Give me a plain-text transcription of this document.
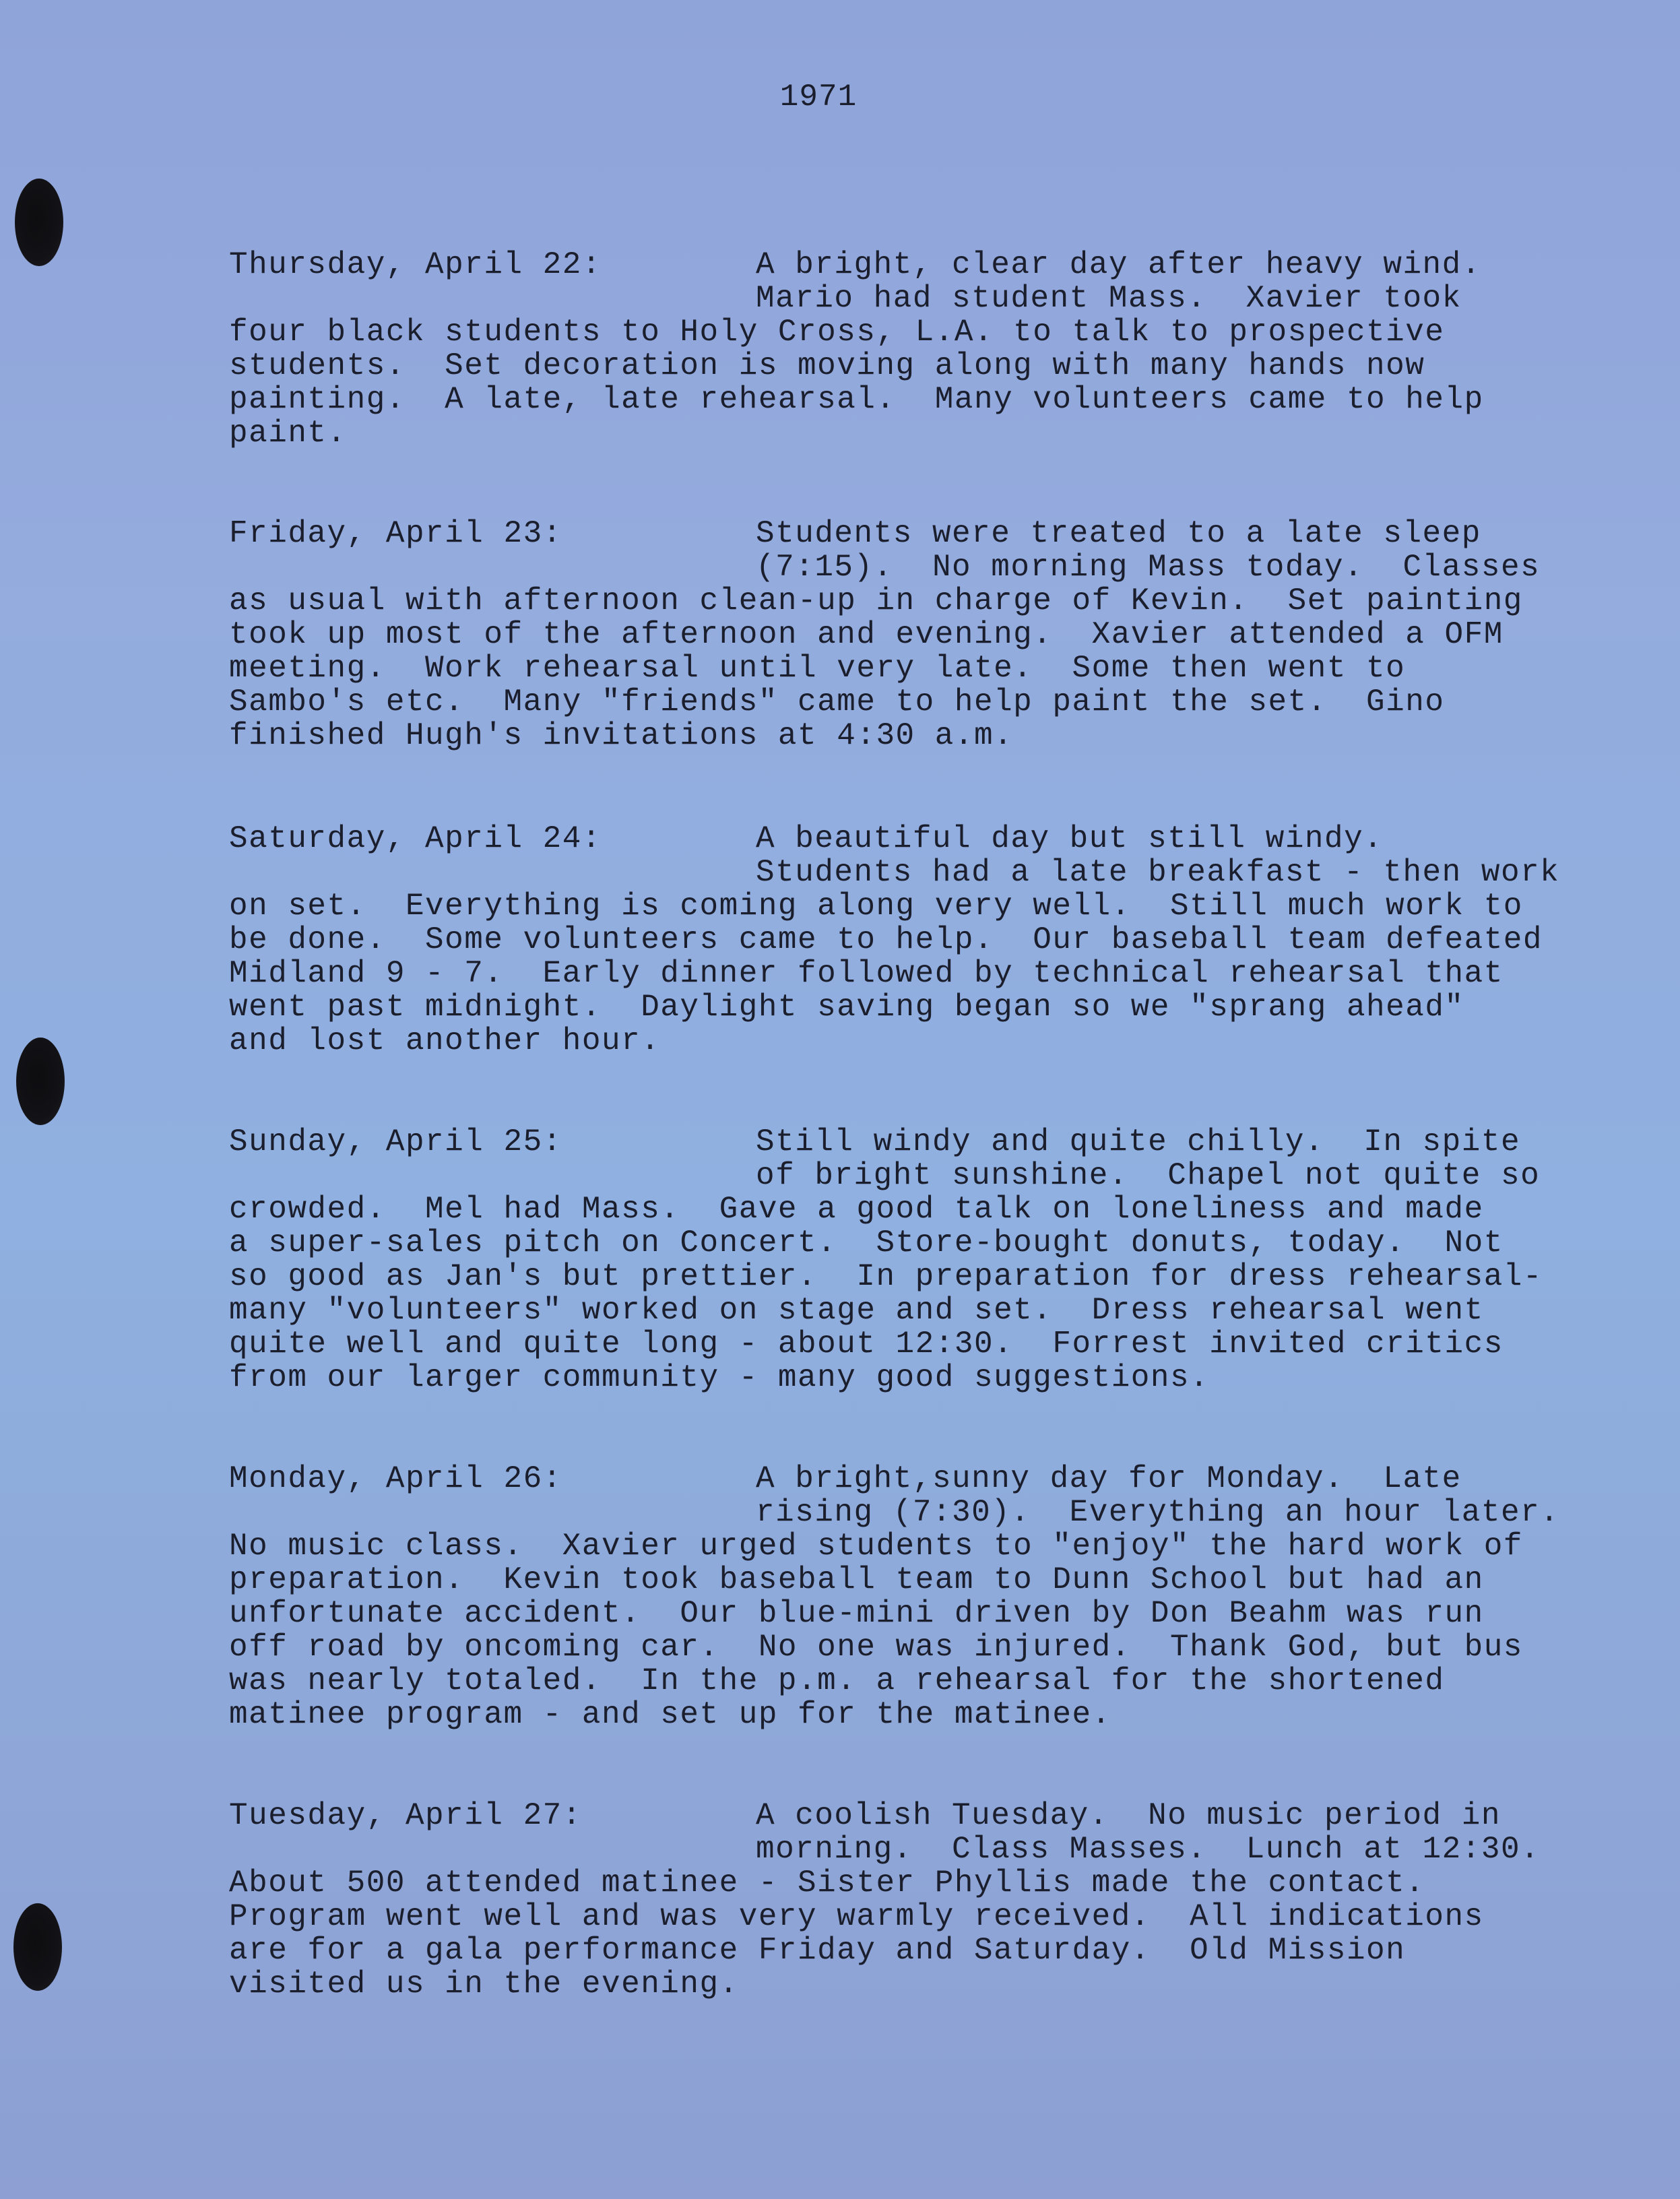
1971
Thursday, April 22:	A bright, clear day after heavy wind.
Mario had student Mass.  Xavier took
four black students to Holy Cross, L.A. to talk to prospective
students.  Set decoration is moving along with many hands now
painting.  A late, late rehearsal.  Many volunteers came to help
paint.
Friday, April 23:	Students were treated to a late sleep
(7:15).  No morning Mass today.  Classes
as usual with afternoon clean-up in charge of Kevin.  Set painting
took up most of the afternoon and evening.  Xavier attended a OFM
meeting.  Work rehearsal until very late.  Some then went to
Sambo's etc.  Many "friends" came to help paint the set.  Gino
finished Hugh's invitations at 4:30 a.m.
Saturday, April 24:	A beautiful day but still windy.
Students had a late breakfast - then work
on set.  Everything is coming along very well.  Still much work to
be done.  Some volunteers came to help.  Our baseball team defeated
Midland 9 - 7.  Early dinner followed by technical rehearsal that
went past midnight.  Daylight saving began so we "sprang ahead"
and lost another hour.
Sunday, April 25:	Still windy and quite chilly.  In spite
of bright sunshine.  Chapel not quite so
crowded.  Mel had Mass.  Gave a good talk on loneliness and made
a super-sales pitch on Concert.  Store-bought donuts, today.  Not
so good as Jan's but prettier.  In preparation for dress rehearsal-
many "volunteers" worked on stage and set.  Dress rehearsal went
quite well and quite long - about 12:30.  Forrest invited critics
from our larger community - many good suggestions.
Monday, April 26:	A bright,sunny day for Monday.  Late
rising (7:30).  Everything an hour later.
No music class.  Xavier urged students to "enjoy" the hard work of
preparation.  Kevin took baseball team to Dunn School but had an
unfortunate accident.  Our blue-mini driven by Don Beahm was run
off road by oncoming car.  No one was injured.  Thank God, but bus
was nearly totaled.  In the p.m. a rehearsal for the shortened
matinee program - and set up for the matinee.
Tuesday, April 27:	A coolish Tuesday.  No music period in
morning.  Class Masses.  Lunch at 12:30.
About 500 attended matinee - Sister Phyllis made the contact.
Program went well and was very warmly received.  All indications
are for a gala performance Friday and Saturday.  Old Mission
visited us in the evening.
